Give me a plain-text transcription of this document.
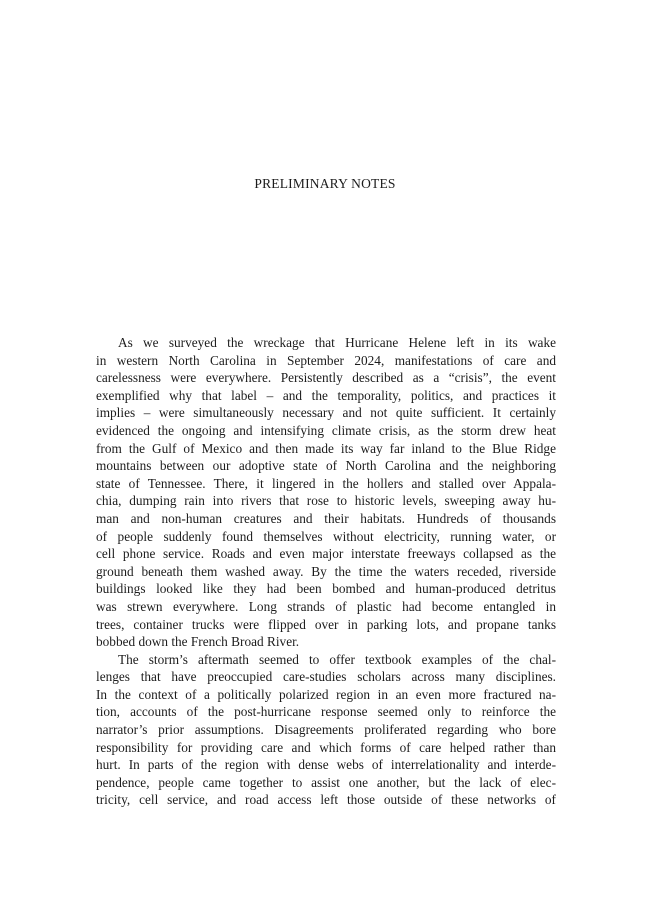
PRELIMINARY NOTES
As we surveyed the wreckage that Hurricane Helene left in its wake
in western North Carolina in September 2024, manifestations of care and
carelessness were everywhere. Persistently described as a “crisis”, the event
exemplified why that label – and the temporality, politics, and practices it
implies – were simultaneously necessary and not quite sufficient. It certainly
evidenced the ongoing and intensifying climate crisis, as the storm drew heat
from the Gulf of Mexico and then made its way far inland to the Blue Ridge
mountains between our adoptive state of North Carolina and the neighboring
state of Tennessee. There, it lingered in the hollers and stalled over Appala-
chia, dumping rain into rivers that rose to historic levels, sweeping away hu-
man and non-human creatures and their habitats. Hundreds of thousands
of people suddenly found themselves without electricity, running water, or
cell phone service. Roads and even major interstate freeways collapsed as the
ground beneath them washed away. By the time the waters receded, riverside
buildings looked like they had been bombed and human-produced detritus
was strewn everywhere. Long strands of plastic had become entangled in
trees, container trucks were flipped over in parking lots, and propane tanks
bobbed down the French Broad River.
The storm’s aftermath seemed to offer textbook examples of the chal-
lenges that have preoccupied care-studies scholars across many disciplines.
In the context of a politically polarized region in an even more fractured na-
tion, accounts of the post-hurricane response seemed only to reinforce the
narrator’s prior assumptions. Disagreements proliferated regarding who bore
responsibility for providing care and which forms of care helped rather than
hurt. In parts of the region with dense webs of interrelationality and interde-
pendence, people came together to assist one another, but the lack of elec-
tricity, cell service, and road access left those outside of these networks of
